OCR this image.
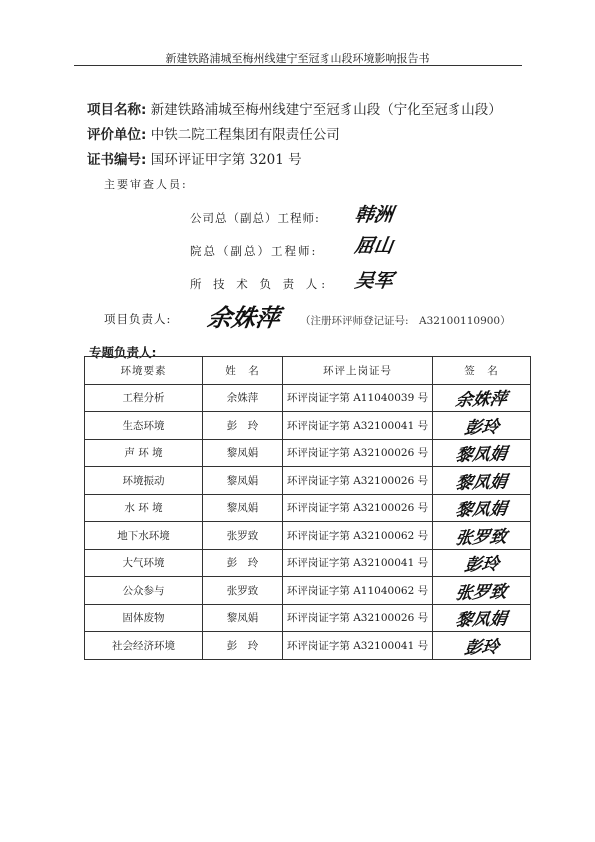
新建铁路浦城至梅州线建宁至冠豸山段环境影响报告书
项目名称: 新建铁路浦城至梅州线建宁至冠豸山段（宁化至冠豸山段）
评价单位: 中铁二院工程集团有限责任公司
证书编号: 国环评证甲字第 3201 号
主要审查人员:
公司总（副总）工程师: 韩洲
院总（副总）工程师: 屈山
所 技 术 负 责 人: 吴军
项目负责人: 余姝萍 （注册环评师登记证号:　A32100110900）
专题负责人:
环境要素	姓　名	环评上岗证号	签　名
工程分析	余姝萍	环评岗证字第 A11040039 号	余姝萍
生态环境	彭　玲	环评岗证字第 A32100041 号	彭玲
声 环 境	黎凤娟	环评岗证字第 A32100026 号	黎凤娟
环境振动	黎凤娟	环评岗证字第 A32100026 号	黎凤娟
水 环 境	黎凤娟	环评岗证字第 A32100026 号	黎凤娟
地下水环境	张罗致	环评岗证字第 A32100062 号	张罗致
大气环境	彭　玲	环评岗证字第 A32100041 号	彭玲
公众参与	张罗致	环评岗证字第 A11040062 号	张罗致
固体废物	黎凤娟	环评岗证字第 A32100026 号	黎凤娟
社会经济环境	彭　玲	环评岗证字第 A32100041 号	彭玲
